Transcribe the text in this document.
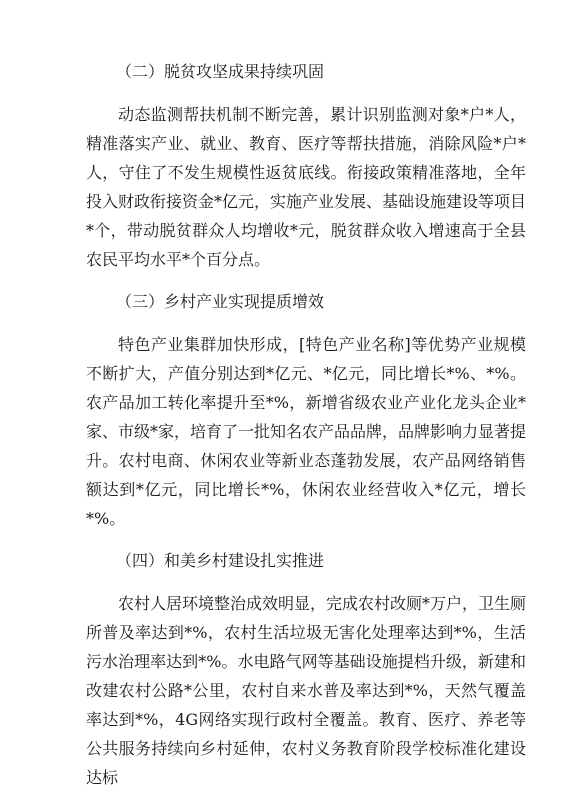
（二）脱贫攻坚成果持续巩固

动态监测帮扶机制不断完善，累计识别监测对象*户*人，精准落实产业、就业、教育、医疗等帮扶措施，消除风险*户*人，守住了不发生规模性返贫底线。衔接政策精准落地，全年投入财政衔接资金*亿元，实施产业发展、基础设施建设等项目*个，带动脱贫群众人均增收*元，脱贫群众收入增速高于全县农民平均水平*个百分点。

（三）乡村产业实现提质增效

特色产业集群加快形成，[特色产业名称]等优势产业规模不断扩大，产值分别达到*亿元、*亿元，同比增长*%、*%。农产品加工转化率提升至*%，新增省级农业产业化龙头企业*家、市级*家，培育了一批知名农产品品牌，品牌影响力显著提升。农村电商、休闲农业等新业态蓬勃发展，农产品网络销售额达到*亿元，同比增长*%，休闲农业经营收入*亿元，增长*%。

（四）和美乡村建设扎实推进

农村人居环境整治成效明显，完成农村改厕*万户，卫生厕所普及率达到*%，农村生活垃圾无害化处理率达到*%，生活污水治理率达到*%。水电路气网等基础设施提档升级，新建和改建农村公路*公里，农村自来水普及率达到*%，天然气覆盖率达到*%，4G网络实现行政村全覆盖。教育、医疗、养老等公共服务持续向乡村延伸，农村义务教育阶段学校标准化建设达标
